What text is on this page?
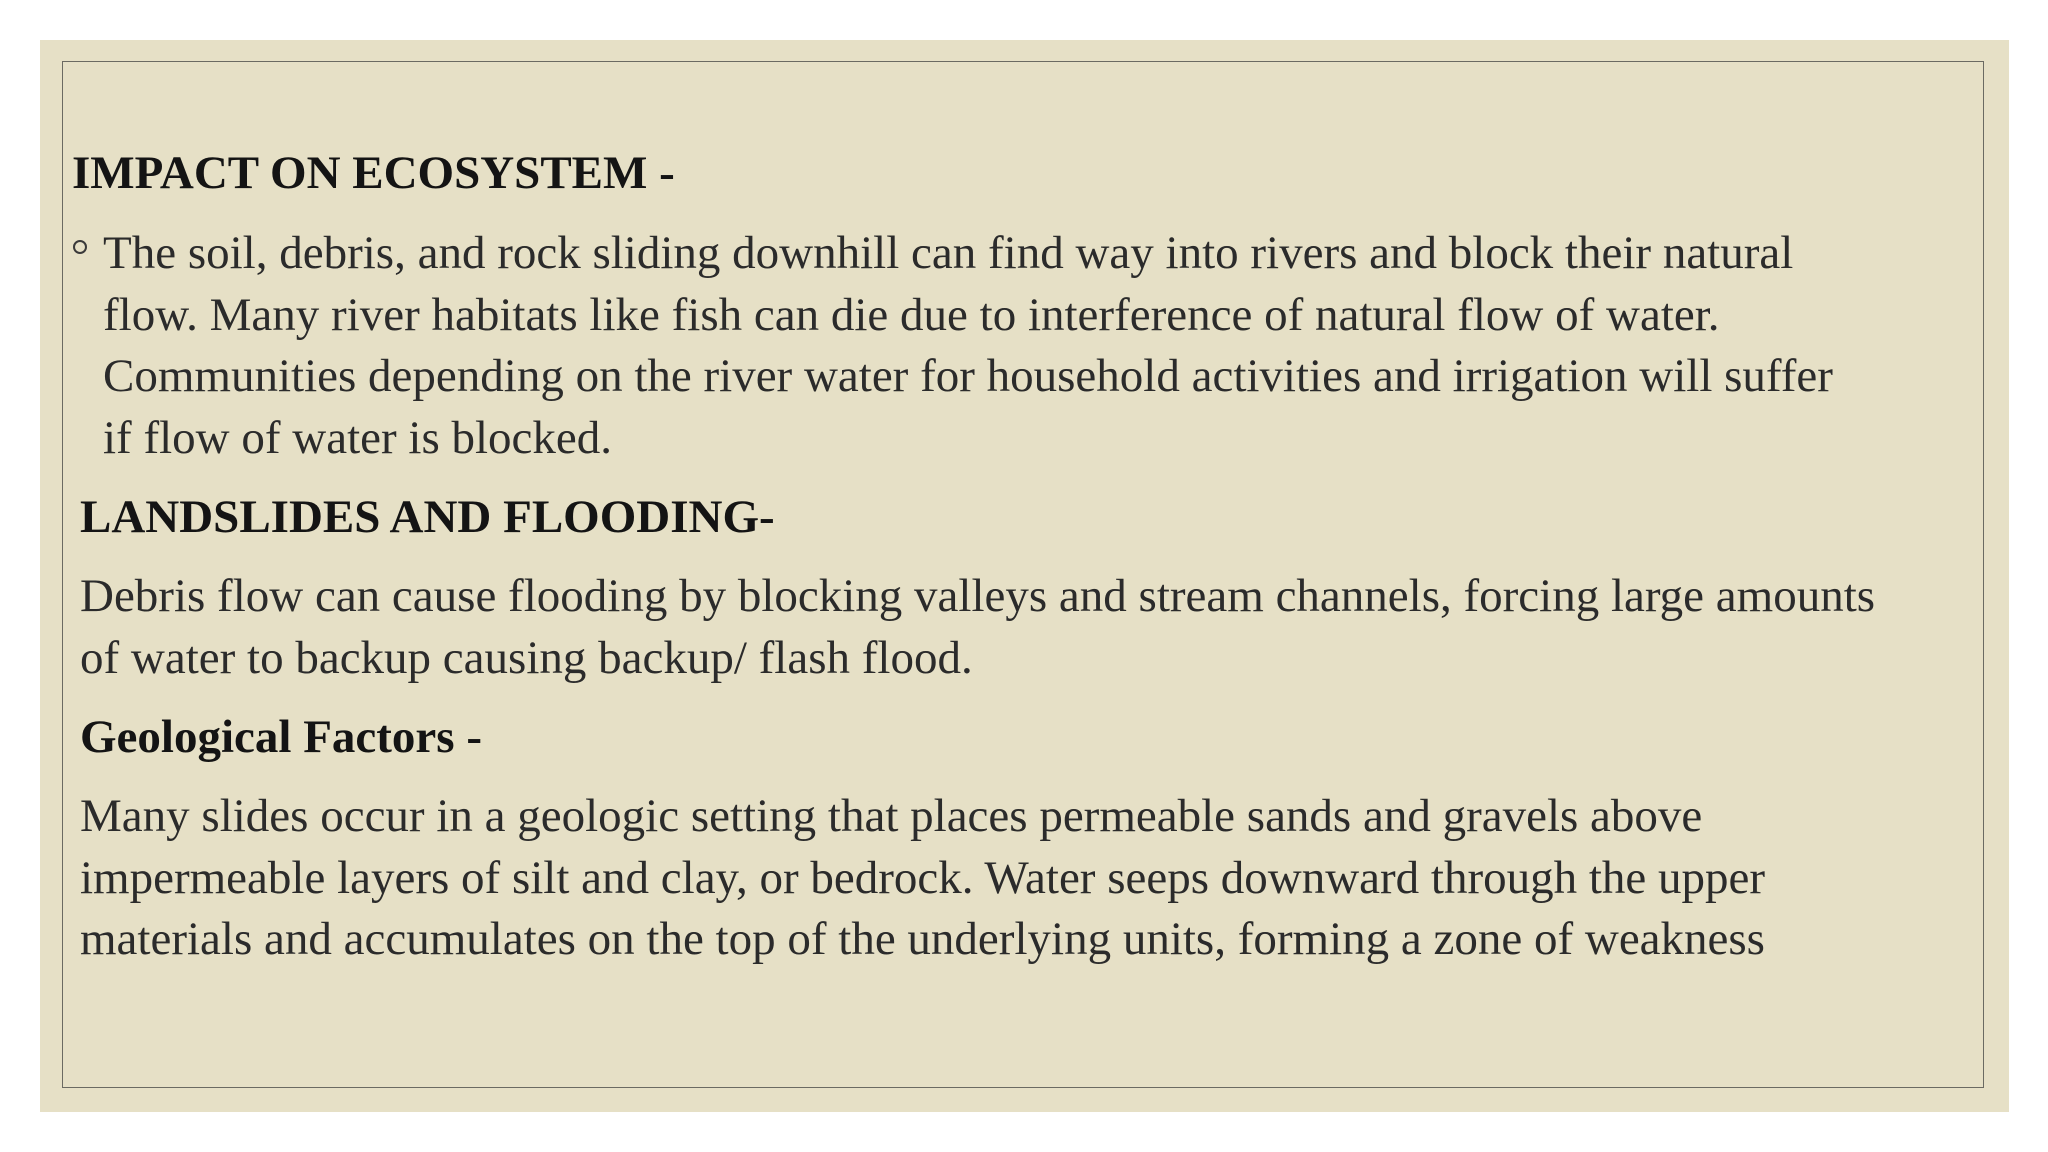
IMPACT ON ECOSYSTEM -

The soil, debris, and rock sliding downhill can find way into rivers and block their natural
flow. Many river habitats like fish can die due to interference of natural flow of water.
Communities depending on the river water for household activities and irrigation will suffer
if flow of water is blocked.

LANDSLIDES AND FLOODING-

Debris flow can cause flooding by blocking valleys and stream channels, forcing large amounts
of water to backup causing backup/ flash flood.

Geological Factors -

Many slides occur in a geologic setting that places permeable sands and gravels above
impermeable layers of silt and clay, or bedrock. Water seeps downward through the upper
materials and accumulates on the top of the underlying units, forming a zone of weakness
